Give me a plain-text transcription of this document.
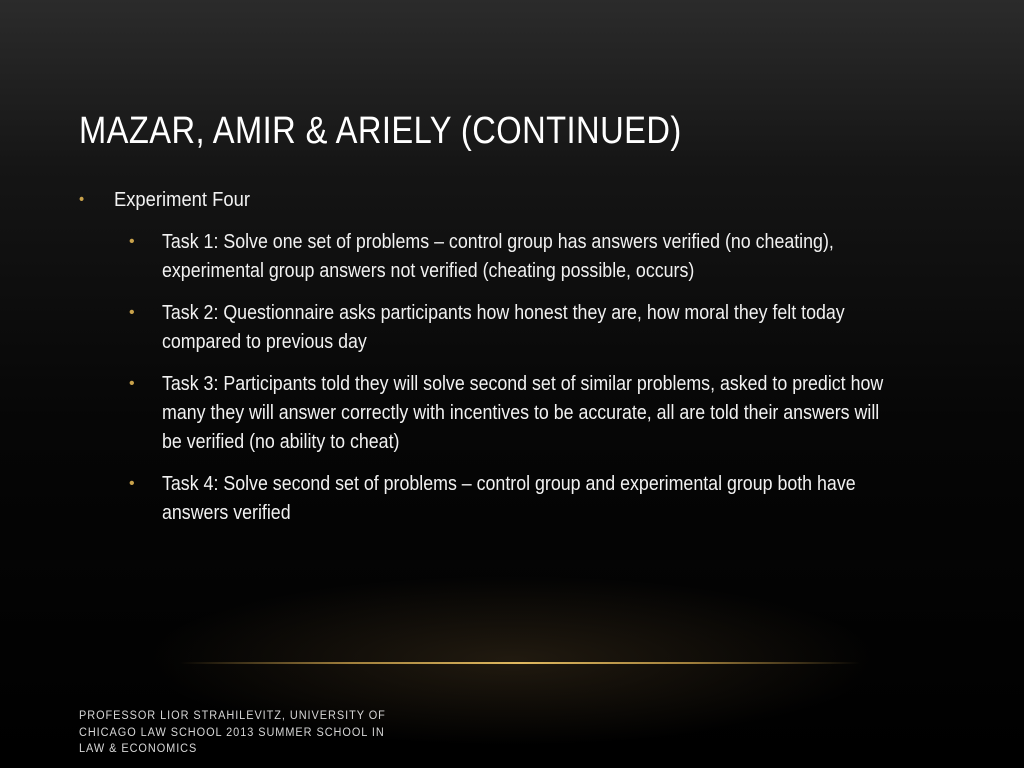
MAZAR, AMIR & ARIELY (CONTINUED)
• Experiment Four
• Task 1: Solve one set of problems – control group has answers verified (no cheating), experimental group answers not verified (cheating possible, occurs)
• Task 2: Questionnaire asks participants how honest they are, how moral they felt today compared to previous day
• Task 3: Participants told they will solve second set of similar problems, asked to predict how many they will answer correctly with incentives to be accurate, all are told their answers will be verified (no ability to cheat)
• Task 4: Solve second set of problems – control group and experimental group both have answers verified
PROFESSOR LIOR STRAHILEVITZ, UNIVERSITY OF CHICAGO LAW SCHOOL 2013 SUMMER SCHOOL IN LAW & ECONOMICS
